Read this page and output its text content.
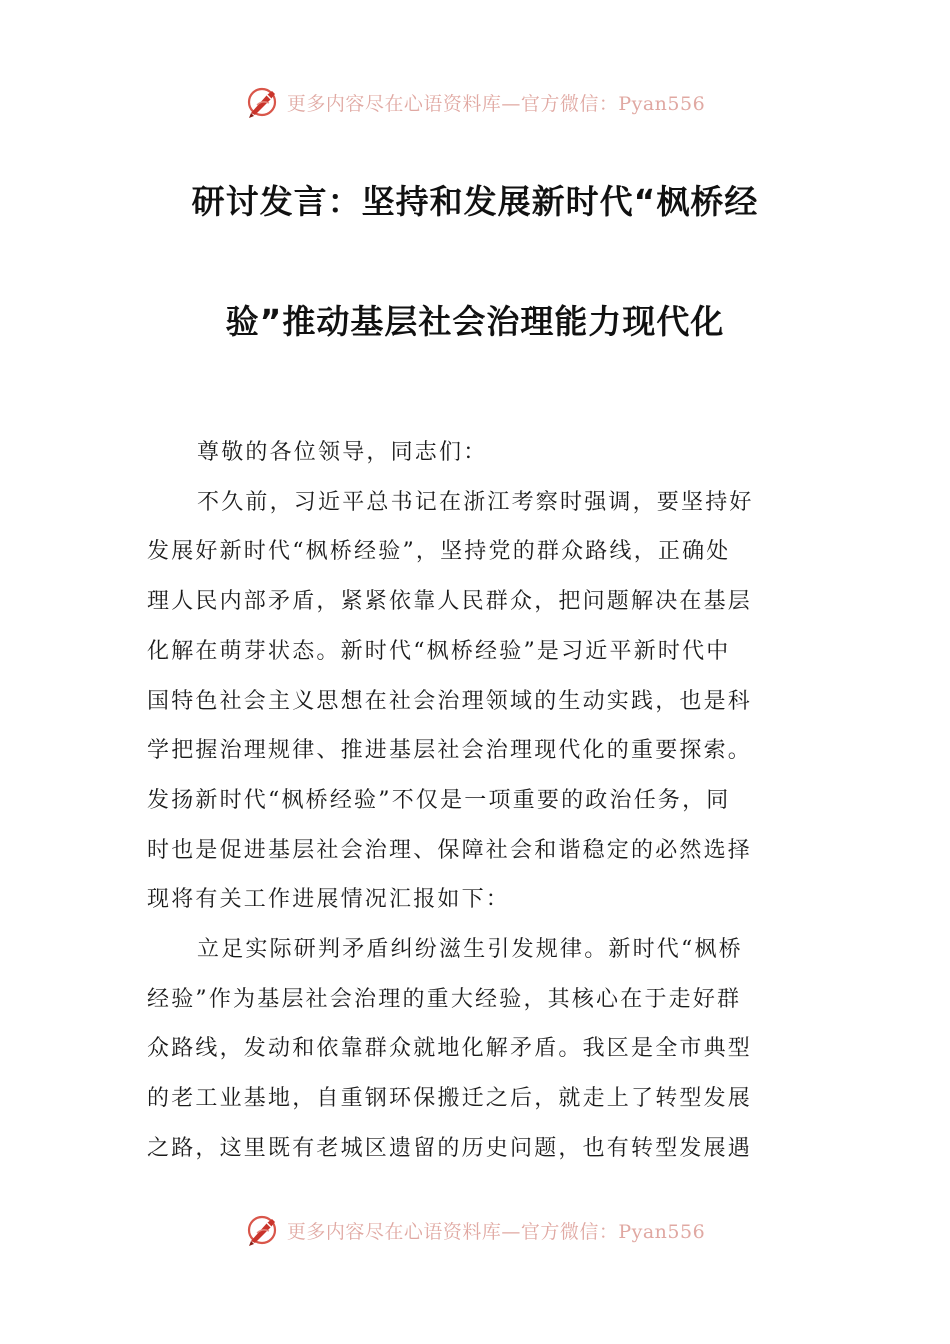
更多内容尽在心语资料库—官方微信：Pyan556
研讨发言：坚持和发展新时代“枫桥经
验”推动基层社会治理能力现代化

尊敬的各位领导，同志们：

不久前，习近平总书记在浙江考察时强调，要坚持好

发展好新时代“枫桥经验”，坚持党的群众路线，正确处

理人民内部矛盾，紧紧依靠人民群众，把问题解决在基层

化解在萌芽状态。新时代“枫桥经验”是习近平新时代中

国特色社会主义思想在社会治理领域的生动实践，也是科

学把握治理规律、推进基层社会治理现代化的重要探索。

发扬新时代“枫桥经验”不仅是一项重要的政治任务，同

时也是促进基层社会治理、保障社会和谐稳定的必然选择

现将有关工作进展情况汇报如下：

立足实际研判矛盾纠纷滋生引发规律。新时代“枫桥

经验”作为基层社会治理的重大经验，其核心在于走好群

众路线，发动和依靠群众就地化解矛盾。我区是全市典型

的老工业基地，自重钢环保搬迁之后，就走上了转型发展

之路，这里既有老城区遗留的历史问题，也有转型发展遇

更多内容尽在心语资料库—官方微信：Pyan556
